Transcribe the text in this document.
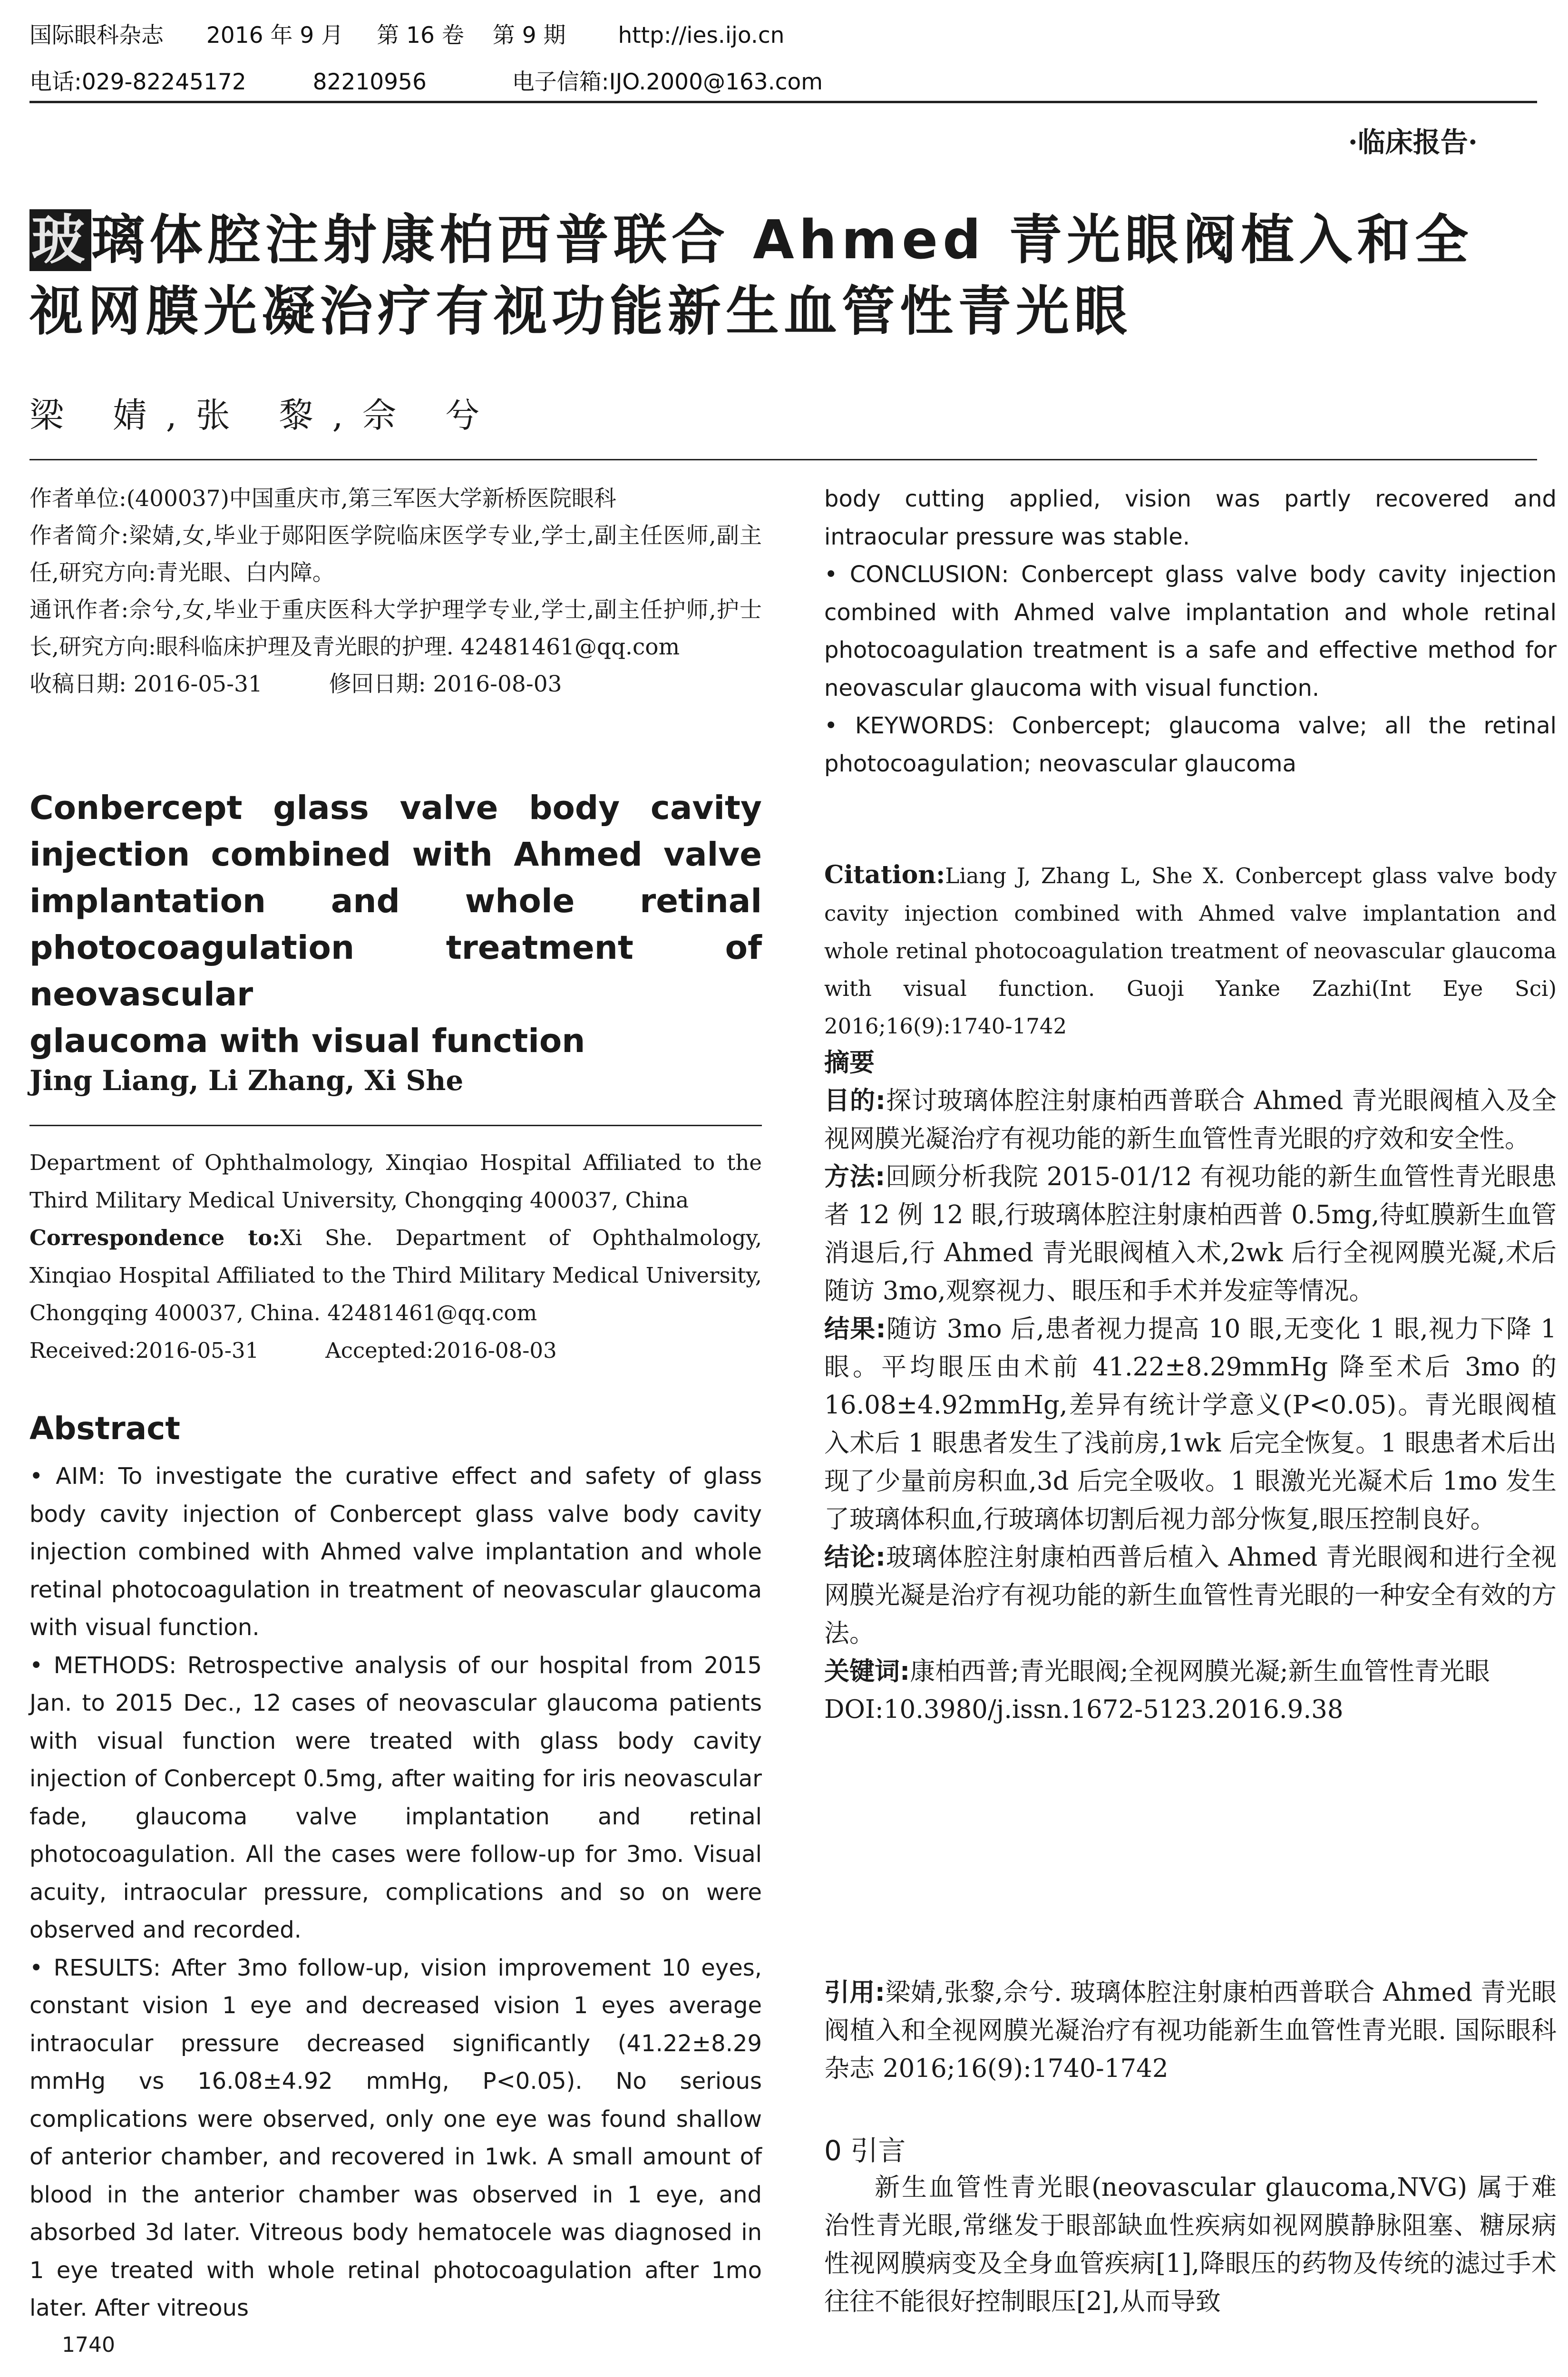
国际眼科杂志 2016 年 9 月 第 16 卷 第 9 期 http://ies.ijo.cn
电话:029-82245172	82210956	电子信箱:IJO.2000@163.com
·临床报告·
玻璃体腔注射康柏西普联合 Ahmed 青光眼阀植入和全
视网膜光凝治疗有视功能新生血管性青光眼
梁 婧,张 黎,佘 兮

作者单位:(400037)中国重庆市,第三军医大学新桥医院眼科

作者简介:梁婧,女,毕业于郧阳医学院临床医学专业,学士,副主任医师,副主任,研究方向:青光眼、白内障。

通讯作者:佘兮,女,毕业于重庆医科大学护理学专业,学士,副主任护师,护士长,研究方向:眼科临床护理及青光眼的护理. 42481461@qq.com

收稿日期: 2016-05-31	修回日期: 2016-08-03

Conbercept glass valve body cavity
injection combined with Ahmed valve
implantation and whole retinal
photocoagulation treatment of neovascular
glaucoma with visual function
Jing Liang, Li Zhang, Xi She

Department of Ophthalmology, Xinqiao Hospital Affiliated to the Third Military Medical University, Chongqing 400037, China

Correspondence to:Xi She. Department of Ophthalmology, Xinqiao Hospital Affiliated to the Third Military Medical University, Chongqing 400037, China. 42481461@qq.com

Received:2016-05-31	Accepted:2016-08-03

Abstract

• AIM: To investigate the curative effect and safety of glass body cavity injection of Conbercept glass valve body cavity injection combined with Ahmed valve implantation and whole retinal photocoagulation in treatment of neovascular glaucoma with visual function.

• METHODS: Retrospective analysis of our hospital from 2015 Jan. to 2015 Dec., 12 cases of neovascular glaucoma patients with visual function were treated with glass body cavity injection of Conbercept 0.5mg, after waiting for iris neovascular fade, glaucoma valve implantation and retinal photocoagulation. All the cases were follow-up for 3mo. Visual acuity, intraocular pressure, complications and so on were observed and recorded.

• RESULTS: After 3mo follow-up, vision improvement 10 eyes, constant vision 1 eye and decreased vision 1 eyes average intraocular pressure decreased significantly (41.22±8.29 mmHg vs 16.08±4.92 mmHg, P<0.05). No serious complications were observed, only one eye was found shallow of anterior chamber, and recovered in 1wk. A small amount of blood in the anterior chamber was observed in 1 eye, and absorbed 3d later. Vitreous body hematocele was diagnosed in 1 eye treated with whole retinal photocoagulation after 1mo later. After vitreous

1740

body cutting applied, vision was partly recovered and intraocular pressure was stable.

• CONCLUSION: Conbercept glass valve body cavity injection combined with Ahmed valve implantation and whole retinal photocoagulation treatment is a safe and effective method for neovascular glaucoma with visual function.

• KEYWORDS: Conbercept; glaucoma valve; all the retinal photocoagulation; neovascular glaucoma

Citation:Liang J, Zhang L, She X. Conbercept glass valve body cavity injection combined with Ahmed valve implantation and whole retinal photocoagulation treatment of neovascular glaucoma with visual function. Guoji Yanke Zazhi(Int Eye Sci) 2016;16(9):1740-1742

摘要

目的:探讨玻璃体腔注射康柏西普联合 Ahmed 青光眼阀植入及全视网膜光凝治疗有视功能的新生血管性青光眼的疗效和安全性。

方法:回顾分析我院 2015-01/12 有视功能的新生血管性青光眼患者 12 例 12 眼,行玻璃体腔注射康柏西普 0.5mg,待虹膜新生血管消退后,行 Ahmed 青光眼阀植入术,2wk 后行全视网膜光凝,术后随访 3mo,观察视力、眼压和手术并发症等情况。

结果:随访 3mo 后,患者视力提高 10 眼,无变化 1 眼,视力下降 1 眼。平均眼压由术前 41.22±8.29mmHg 降至术后 3mo 的 16.08±4.92mmHg,差异有统计学意义(P<0.05)。青光眼阀植入术后 1 眼患者发生了浅前房,1wk 后完全恢复。1 眼患者术后出现了少量前房积血,3d 后完全吸收。1 眼激光光凝术后 1mo 发生了玻璃体积血,行玻璃体切割后视力部分恢复,眼压控制良好。

结论:玻璃体腔注射康柏西普后植入 Ahmed 青光眼阀和进行全视网膜光凝是治疗有视功能的新生血管性青光眼的一种安全有效的方法。

关键词:康柏西普;青光眼阀;全视网膜光凝;新生血管性青光眼

DOI:10.3980/j.issn.1672-5123.2016.9.38

引用:梁婧,张黎,佘兮. 玻璃体腔注射康柏西普联合 Ahmed 青光眼阀植入和全视网膜光凝治疗有视功能新生血管性青光眼. 国际眼科杂志 2016;16(9):1740-1742

0 引言

新生血管性青光眼(neovascular glaucoma,NVG) 属于难治性青光眼,常继发于眼部缺血性疾病如视网膜静脉阻塞、糖尿病性视网膜病变及全身血管疾病[1],降眼压的药物及传统的滤过手术往往不能很好控制眼压[2],从而导致
